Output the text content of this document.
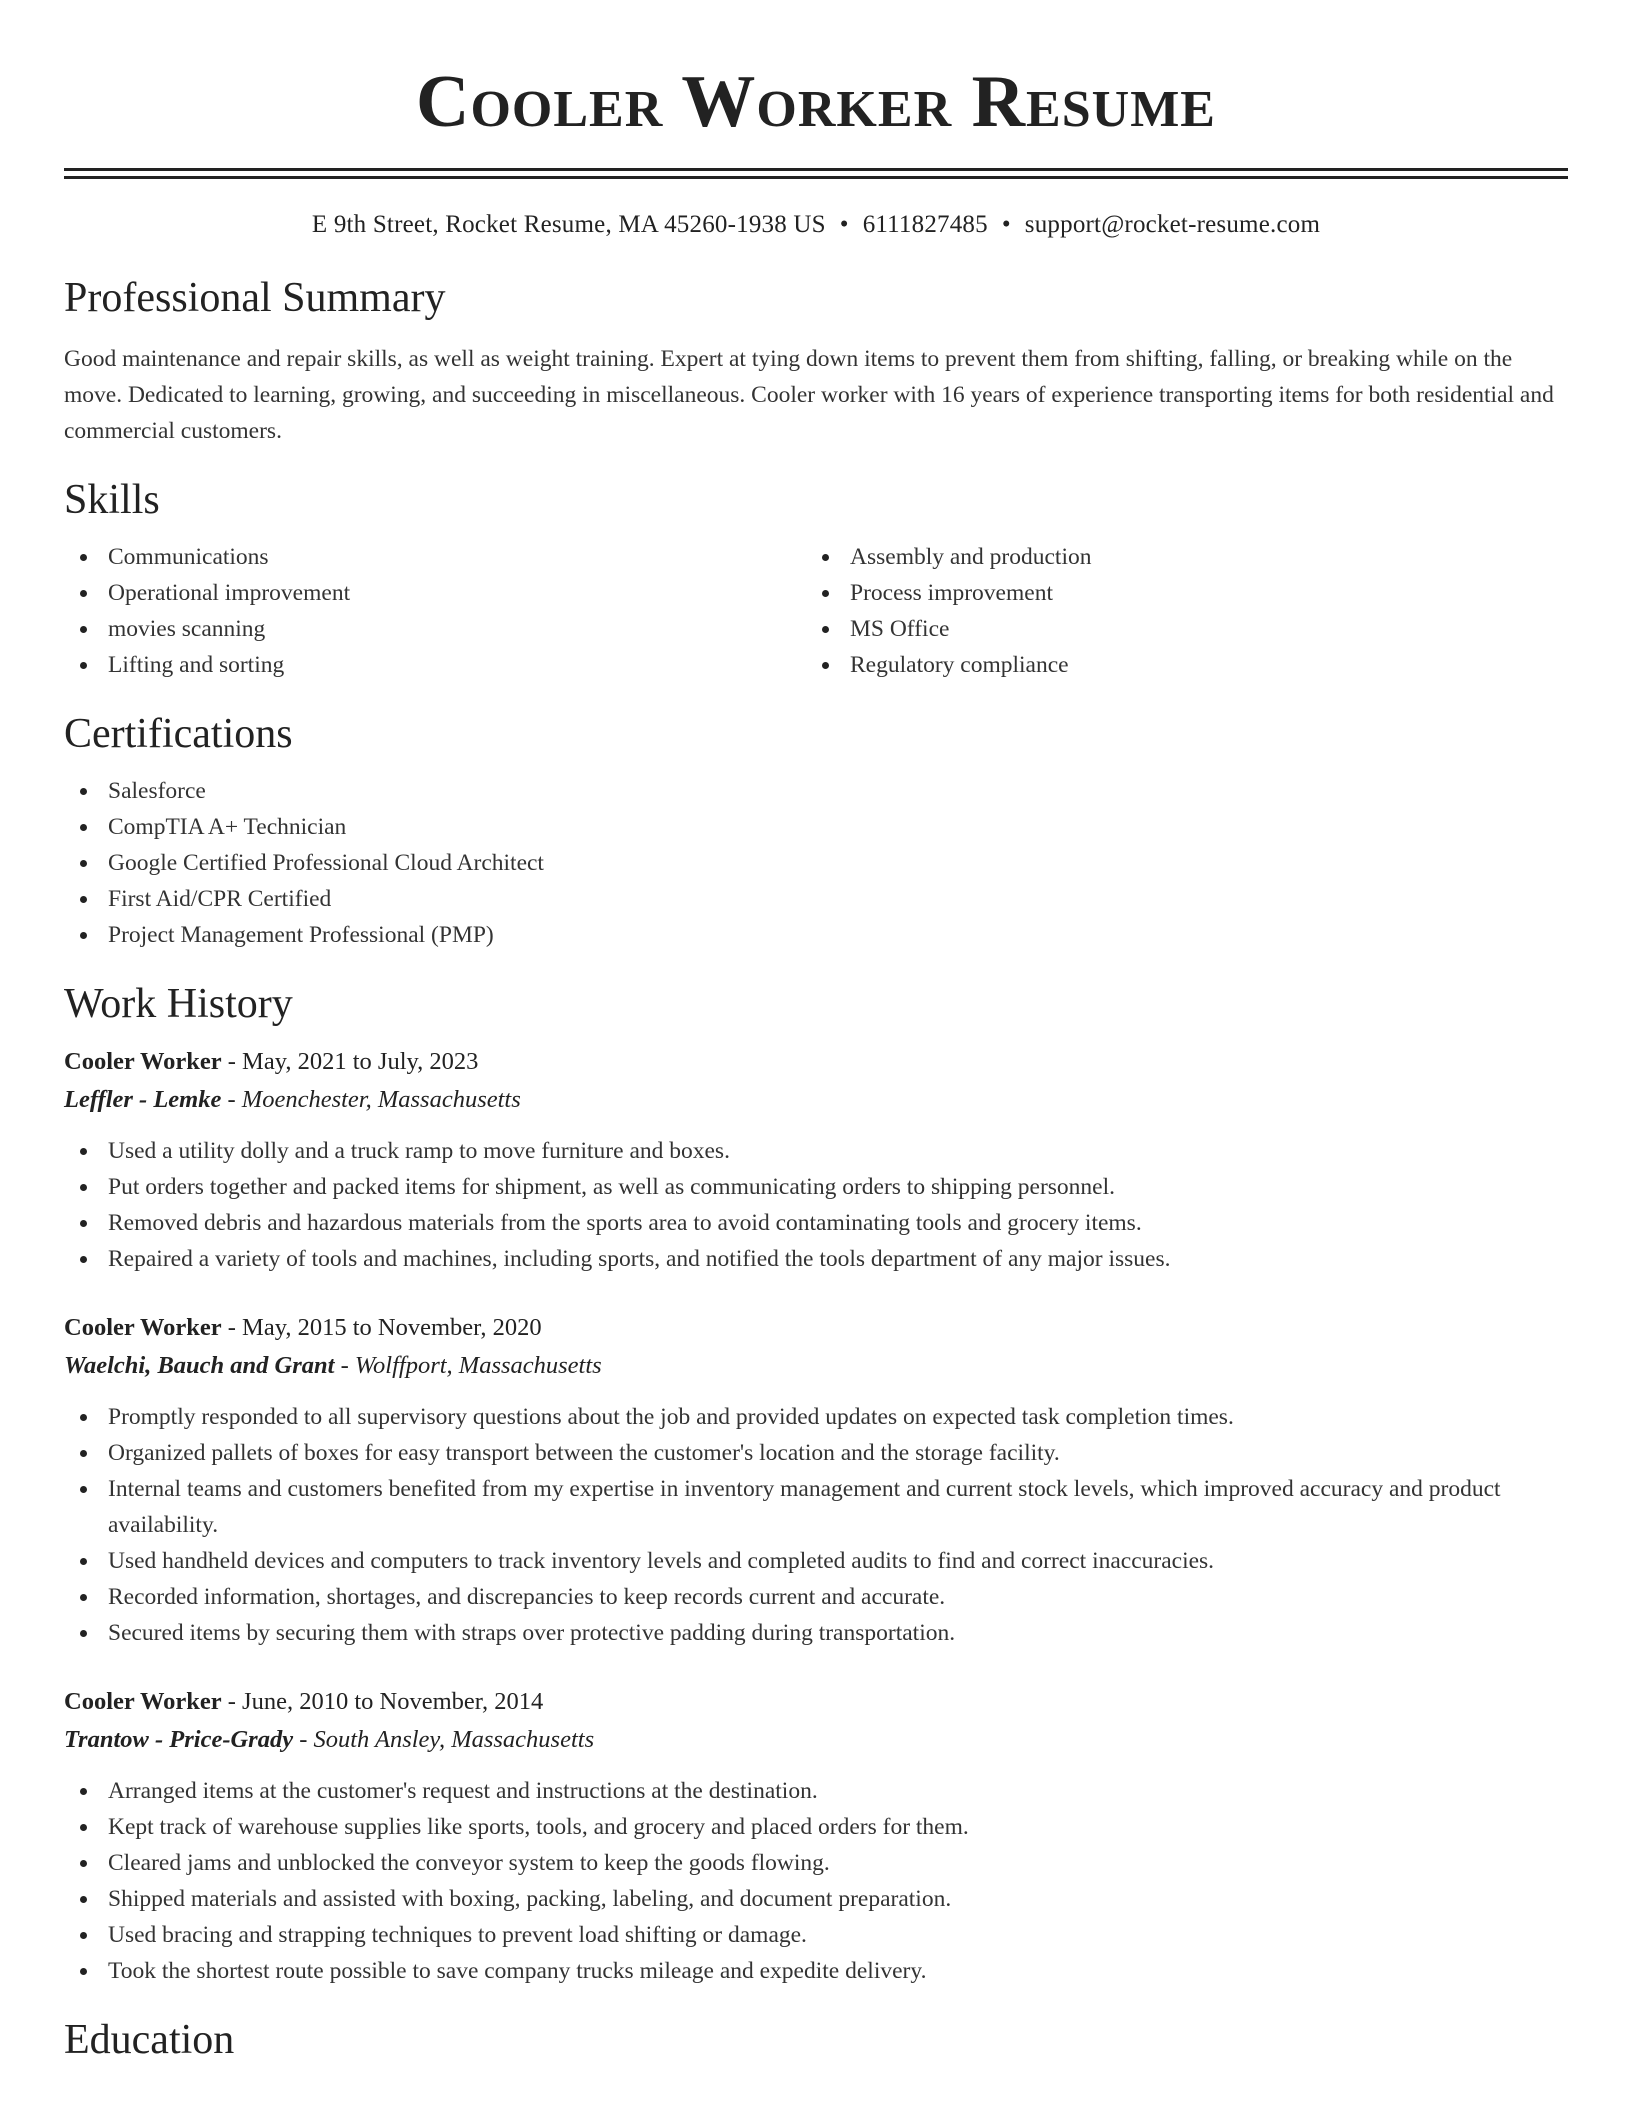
Cooler Worker Resume
E 9th Street, Rocket Resume, MA 45260-1938 US • 6111827485 • support@rocket-resume.com
Professional Summary

Good maintenance and repair skills, as well as weight training. Expert at tying down items to prevent them from shifting, falling, or breaking while on the move. Dedicated to learning, growing, and succeeding in miscellaneous. Cooler worker with 16 years of experience transporting items for both residential and commercial customers.

Skills
Communications
Operational improvement
movies scanning
Lifting and sorting
Assembly and production
Process improvement
MS Office
Regulatory compliance
Certifications
Salesforce
CompTIA A+ Technician
Google Certified Professional Cloud Architect
First Aid/CPR Certified
Project Management Professional (PMP)
Work History
Cooler Worker - May, 2021 to July, 2023
Leffler - Lemke - Moenchester, Massachusetts
Used a utility dolly and a truck ramp to move furniture and boxes.
Put orders together and packed items for shipment, as well as communicating orders to shipping personnel.
Removed debris and hazardous materials from the sports area to avoid contaminating tools and grocery items.
Repaired a variety of tools and machines, including sports, and notified the tools department of any major issues.
Cooler Worker - May, 2015 to November, 2020
Waelchi, Bauch and Grant - Wolffport, Massachusetts
Promptly responded to all supervisory questions about the job and provided updates on expected task completion times.
Organized pallets of boxes for easy transport between the customer's location and the storage facility.
Internal teams and customers benefited from my expertise in inventory management and current stock levels, which improved accuracy and product availability.
Used handheld devices and computers to track inventory levels and completed audits to find and correct inaccuracies.
Recorded information, shortages, and discrepancies to keep records current and accurate.
Secured items by securing them with straps over protective padding during transportation.
Cooler Worker - June, 2010 to November, 2014
Trantow - Price-Grady - South Ansley, Massachusetts
Arranged items at the customer's request and instructions at the destination.
Kept track of warehouse supplies like sports, tools, and grocery and placed orders for them.
Cleared jams and unblocked the conveyor system to keep the goods flowing.
Shipped materials and assisted with boxing, packing, labeling, and document preparation.
Used bracing and strapping techniques to prevent load shifting or damage.
Took the shortest route possible to save company trucks mileage and expedite delivery.
Education
